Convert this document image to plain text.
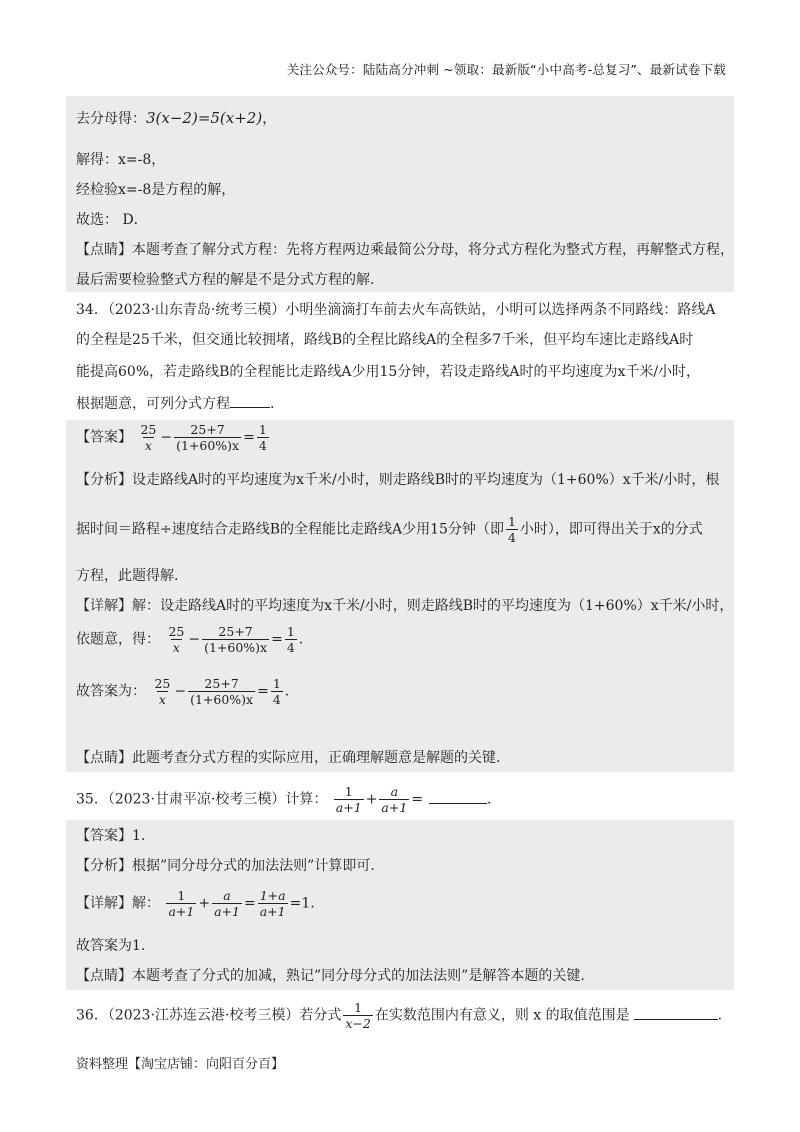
关注公众号：陆陆高分冲刺 ~领取：最新版“小中高考-总复习”、最新试卷下载
去分母得：3(x−2)=5(x+2)，
解得：x=-8，
经检验x=-8是方程的解，
故选： D．
【点睛】本题考查了解分式方程：先将方程两边乘最简公分母，将分式方程化为整式方程，再解整式方程，
最后需要检验整式方程的解是不是分式方程的解.
34．（2023·山东青岛·统考三模）小明坐滴滴打车前去火车高铁站，小明可以选择两条不同路线：路线A
的全程是25千米，但交通比较拥堵，路线B的全程比路线A的全程多7千米，但平均车速比走路线A时
能提高60%，若走路线B的全程能比走路线A少用15分钟，若设走路线A时的平均速度为x千米/小时，
根据题意，可列分式方程	.
【答案】 $\frac{25}{x} - \frac{25+7}{(1+60\%)x} = \frac{1}{4}$
【分析】设走路线A时的平均速度为x千米/小时，则走路线B时的平均速度为（1+60%）x千米/小时，根
据时间＝路程÷速度结合走路线B的全程能比走路线A少用15分钟（即 $\frac{1}{4}$ 小时），即可得出关于x的分式
方程，此题得解.
【详解】解：设走路线A时的平均速度为x千米/小时，则走路线B时的平均速度为（1+60%）x千米/小时，
依题意，得： $\frac{25}{x} - \frac{25+7}{(1+60\%)x} = \frac{1}{4}$ .
故答案为： $\frac{25}{x} - \frac{25+7}{(1+60\%)x} = \frac{1}{4}$ .
【点睛】此题考查分式方程的实际应用，正确理解题意是解题的关键.
35．（2023·甘肃平凉·校考三模）计算： $\frac{1}{a+1} + \frac{a}{a+1}$ =	.
【答案】1.
【分析】根据”同分母分式的加法法则”计算即可.
【详解】解： $\frac{1}{a+1} + \frac{a}{a+1} = \frac{1+a}{a+1} =1$.
故答案为1.
【点睛】本题考查了分式的加减，熟记”同分母分式的加法法则”是解答本题的关键.
36．（2023·江苏连云港·校考三模）若分式 $\frac{1}{x-2}$ 在实数范围内有意义，则 x 的取值范围是	.
资料整理【淘宝店铺：向阳百分百】
